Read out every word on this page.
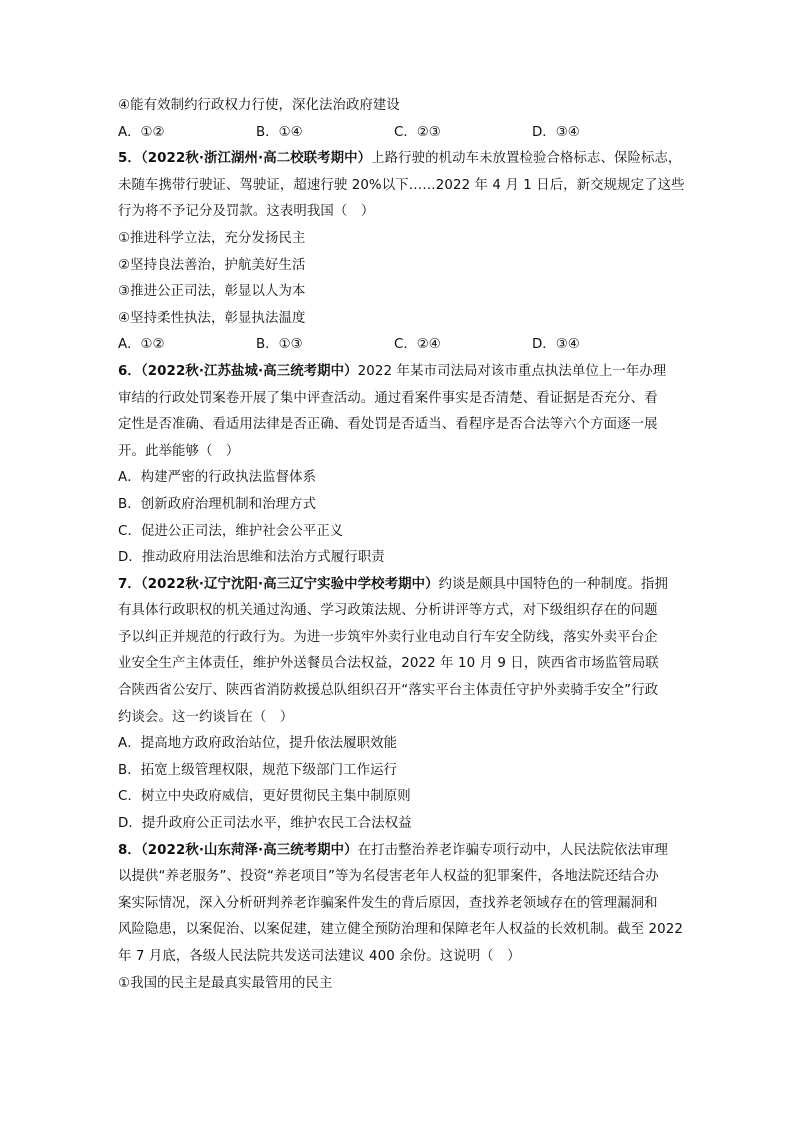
④能有效制约行政权力行使，深化法治政府建设
A．①②	B．①④	C．②③	D．③④
5．（2022秋·浙江湖州·高二校联考期中）上路行驶的机动车未放置检验合格标志、保险标志，
未随车携带行驶证、驾驶证，超速行驶 20%以下……2022 年 4 月 1 日后，新交规规定了这些
行为将不予记分及罚款。这表明我国（　）
①推进科学立法，充分发扬民主
②坚持良法善治，护航美好生活
③推进公正司法，彰显以人为本
④坚持柔性执法，彰显执法温度
A．①②	B．①③	C．②④	D．③④
6．（2022秋·江苏盐城·高三统考期中）2022 年某市司法局对该市重点执法单位上一年办理
审结的行政处罚案卷开展了集中评查活动。通过看案件事实是否清楚、看证据是否充分、看
定性是否准确、看适用法律是否正确、看处罚是否适当、看程序是否合法等六个方面逐一展
开。此举能够（　）
A．构建严密的行政执法监督体系
B．创新政府治理机制和治理方式
C．促进公正司法，维护社会公平正义
D．推动政府用法治思维和法治方式履行职责
7．（2022秋·辽宁沈阳·高三辽宁实验中学校考期中）约谈是颇具中国特色的一种制度。指拥
有具体行政职权的机关通过沟通、学习政策法规、分析讲评等方式，对下级组织存在的问题
予以纠正并规范的行政行为。为进一步筑牢外卖行业电动自行车安全防线，落实外卖平台企
业安全生产主体责任，维护外送餐员合法权益，2022 年 10 月 9 日，陕西省市场监管局联
合陕西省公安厅、陕西省消防救援总队组织召开“落实平台主体责任守护外卖骑手安全”行政
约谈会。这一约谈旨在（　）
A．提高地方政府政治站位，提升依法履职效能
B．拓宽上级管理权限，规范下级部门工作运行
C．树立中央政府威信，更好贯彻民主集中制原则
D．提升政府公正司法水平，维护农民工合法权益
8．（2022秋·山东菏泽·高三统考期中）在打击整治养老诈骗专项行动中，人民法院依法审理
以提供“养老服务”、投资“养老项目”等为名侵害老年人权益的犯罪案件，各地法院还结合办
案实际情况，深入分析研判养老诈骗案件发生的背后原因，查找养老领域存在的管理漏洞和
风险隐患，以案促治、以案促建，建立健全预防治理和保障老年人权益的长效机制。截至 2022
年 7 月底，各级人民法院共发送司法建议 400 余份。这说明（　）
①我国的民主是最真实最管用的民主
